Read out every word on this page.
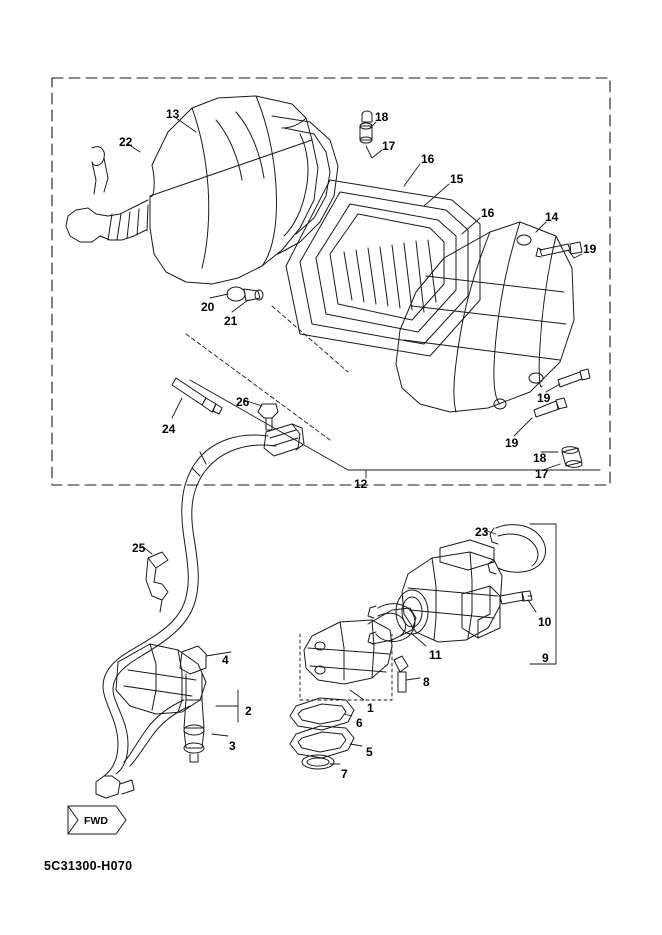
13	18
22	17
16
15
16	14
19
20
21
19
26
24
19
18
17
12
23
25
10
11	9
4
8
1
2
6
3	5
7
FWD
5C31300-H070
